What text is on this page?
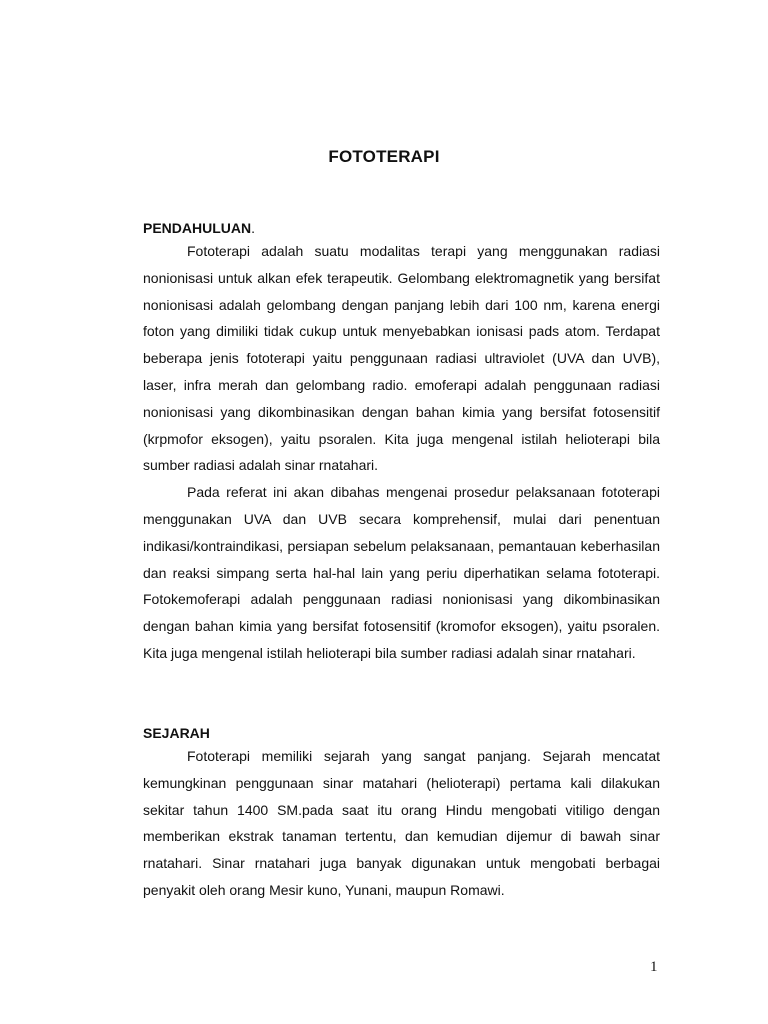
FOTOTERAPI

PENDAHULUAN.

Fototerapi adalah suatu modalitas terapi yang menggunakan radiasi nonionisasi untuk alkan efek terapeutik. Gelombang elektromagnetik yang bersifat nonionisasi adalah gelombang dengan panjang lebih dari 100 nm, karena energi foton yang dimiliki tidak cukup untuk menyebabkan ionisasi pads atom. Terdapat beberapa jenis fototerapi yaitu penggunaan radiasi ultraviolet (UVA dan UVB), laser, infra merah dan gelombang radio. emoferapi adalah penggunaan radiasi nonionisasi yang dikombinasikan dengan bahan kimia yang bersifat fotosensitif (krpmofor eksogen), yaitu psoralen. Kita juga mengenal istilah helioterapi bila sumber radiasi adalah sinar rnatahari.

Pada referat ini akan dibahas mengenai prosedur pelaksanaan fototerapi menggunakan UVA dan UVB secara komprehensif, mulai dari penentuan indikasi/kontraindikasi, persiapan sebelum pelaksanaan, pemantauan keberhasilan dan reaksi simpang serta hal-hal lain yang periu diperhatikan selama fototerapi. Fotokemoferapi adalah penggunaan radiasi nonionisasi yang dikombinasikan dengan bahan kimia yang bersifat fotosensitif (kromofor eksogen), yaitu psoralen. Kita juga mengenal istilah helioterapi bila sumber radiasi adalah sinar rnatahari.

SEJARAH

Fototerapi memiliki sejarah yang sangat panjang. Sejarah mencatat kemungkinan penggunaan sinar matahari (helioterapi) pertama kali dilakukan sekitar tahun 1400 SM.pada saat itu orang Hindu mengobati vitiligo dengan memberikan ekstrak tanaman tertentu, dan kemudian dijemur di bawah sinar rnatahari. Sinar rnatahari juga banyak digunakan untuk mengobati berbagai penyakit oleh orang Mesir kuno, Yunani, maupun Romawi.

1
